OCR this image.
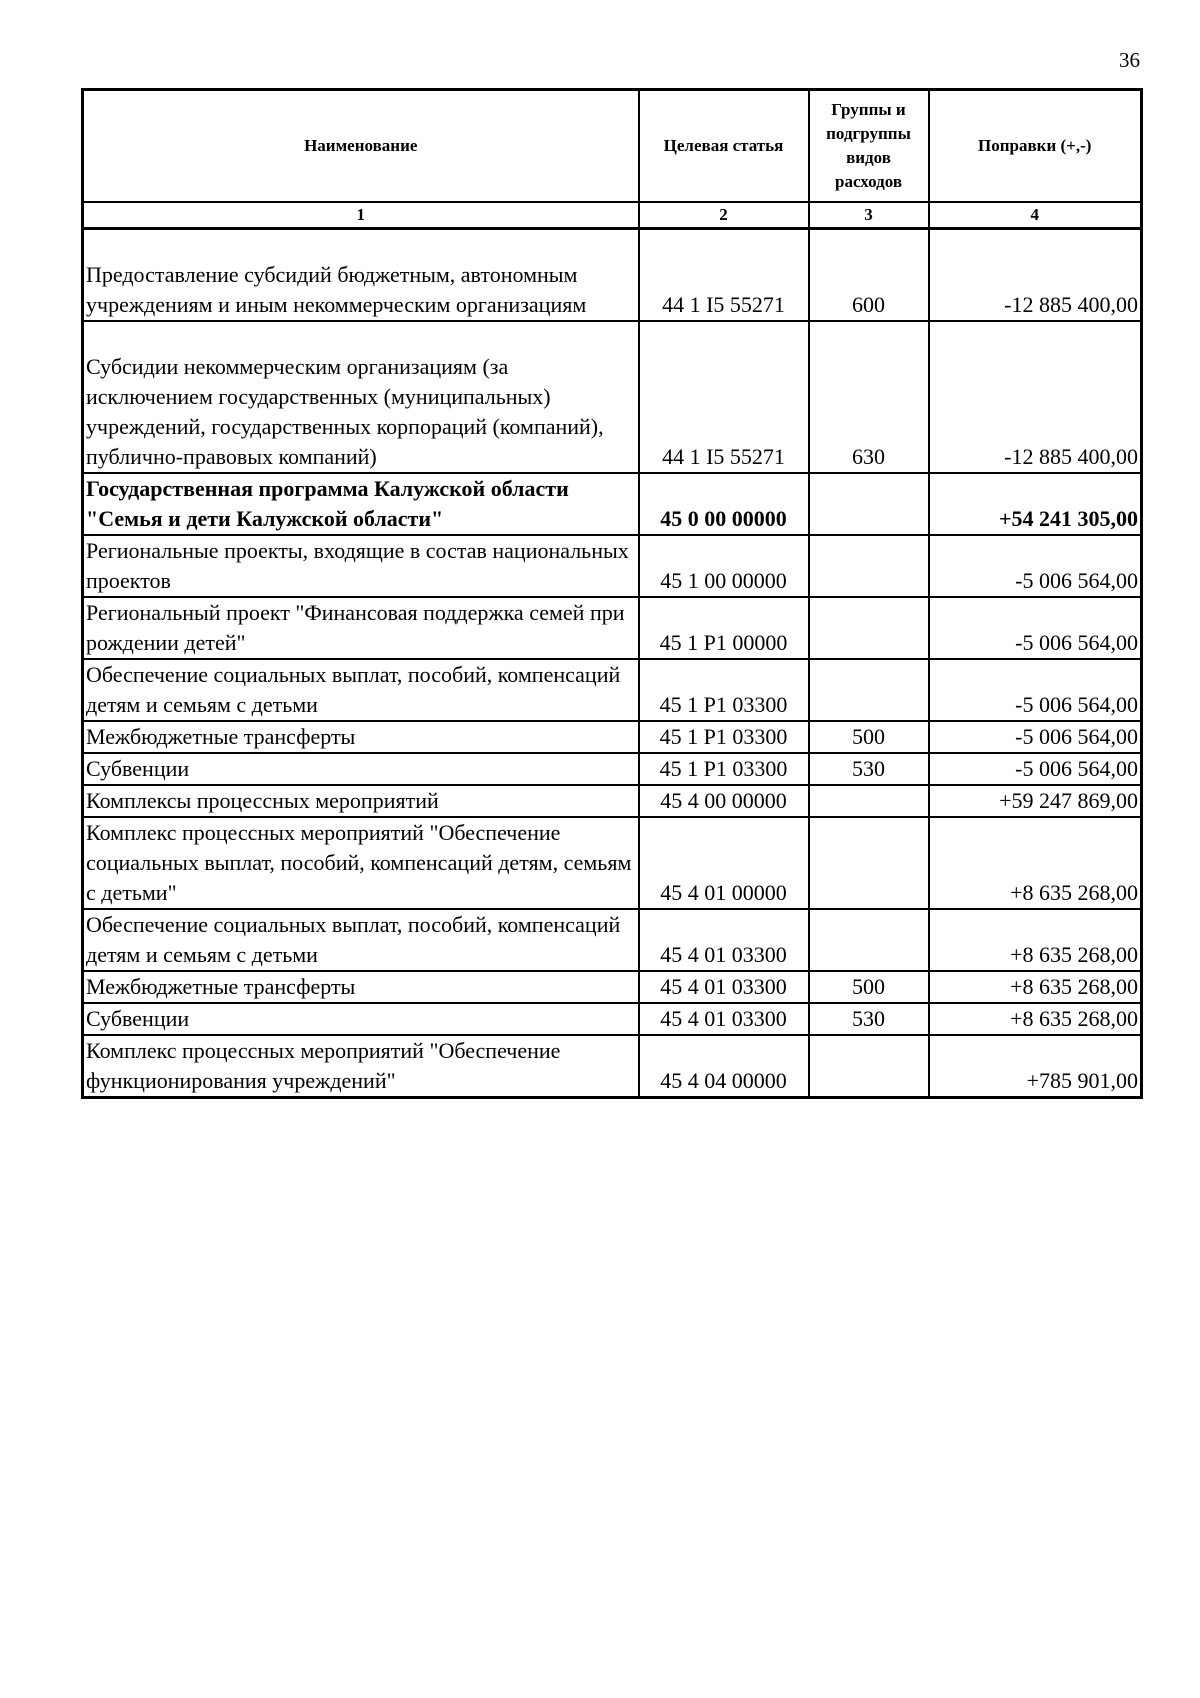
36
Наименование	Целевая статья	Группы и подгруппы видов расходов	Поправки (+,-)
1	2	3	4
Предоставление субсидий бюджетным, автономным учреждениям и иным некоммерческим организациям	44 1 I5 55271	600	-12 885 400,00
Субсидии некоммерческим организациям (за исключением государственных (муниципальных) учреждений, государственных корпораций (компаний), публично-правовых компаний)	44 1 I5 55271	630	-12 885 400,00
Государственная программа Калужской области "Семья и дети Калужской области"	45 0 00 00000		+54 241 305,00
Региональные проекты, входящие в состав национальных проектов	45 1 00 00000		-5 006 564,00
Региональный проект "Финансовая поддержка семей при рождении детей"	45 1 P1 00000		-5 006 564,00
Обеспечение социальных выплат, пособий, компенсаций детям и семьям с детьми	45 1 P1 03300		-5 006 564,00
Межбюджетные трансферты	45 1 P1 03300	500	-5 006 564,00
Субвенции	45 1 P1 03300	530	-5 006 564,00
Комплексы процессных мероприятий	45 4 00 00000		+59 247 869,00
Комплекс процессных мероприятий "Обеспечение социальных выплат, пособий, компенсаций детям, семьям с детьми"	45 4 01 00000		+8 635 268,00
Обеспечение социальных выплат, пособий, компенсаций детям и семьям с детьми	45 4 01 03300		+8 635 268,00
Межбюджетные трансферты	45 4 01 03300	500	+8 635 268,00
Субвенции	45 4 01 03300	530	+8 635 268,00
Комплекс процессных мероприятий "Обеспечение функционирования учреждений"	45 4 04 00000		+785 901,00
